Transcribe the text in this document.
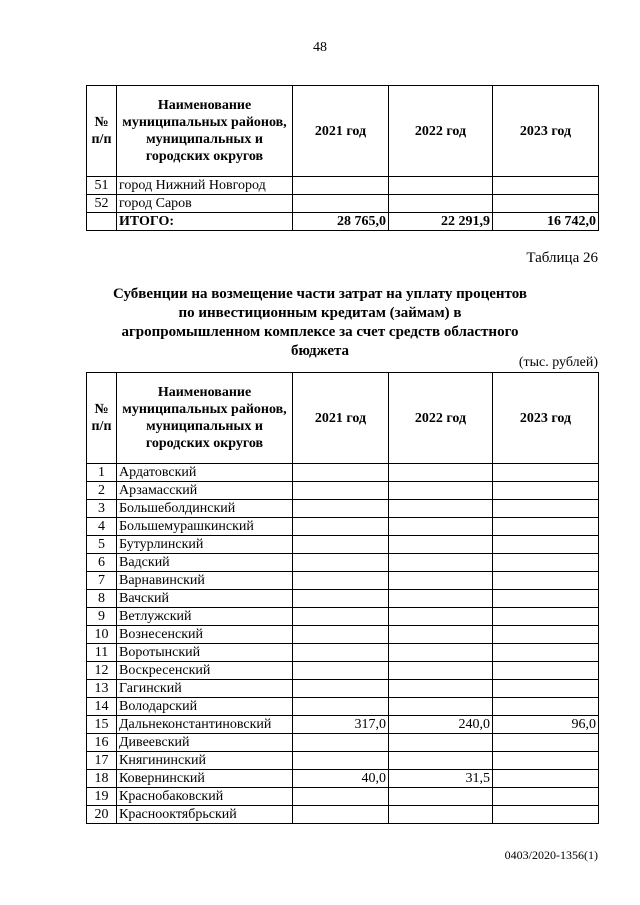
48
№ п/п	Наименование муниципальных районов, муниципальных и городских округов	2021 год	2022 год	2023 год
51	город Нижний Новгород			
52	город Саров			
	ИТОГО:	28 765,0	22 291,9	16 742,0
Таблица 26
Субвенции на возмещение части затрат на уплату процентов по инвестиционным кредитам (займам) в агропромышленном комплексе за счет средств областного бюджета
(тыс. рублей)
№ п/п	Наименование муниципальных районов, муниципальных и городских округов	2021 год	2022 год	2023 год
1	Ардатовский			
2	Арзамасский			
3	Большеболдинский			
4	Большемурашкинский			
5	Бутурлинский			
6	Вадский			
7	Варнавинский			
8	Вачский			
9	Ветлужский			
10	Вознесенский			
11	Воротынский			
12	Воскресенский			
13	Гагинский			
14	Володарский			
15	Дальнеконстантиновский	317,0	240,0	96,0
16	Дивеевский			
17	Княгининский			
18	Ковернинский	40,0	31,5	
19	Краснобаковский			
20	Краснооктябрьский			
0403/2020-1356(1)
